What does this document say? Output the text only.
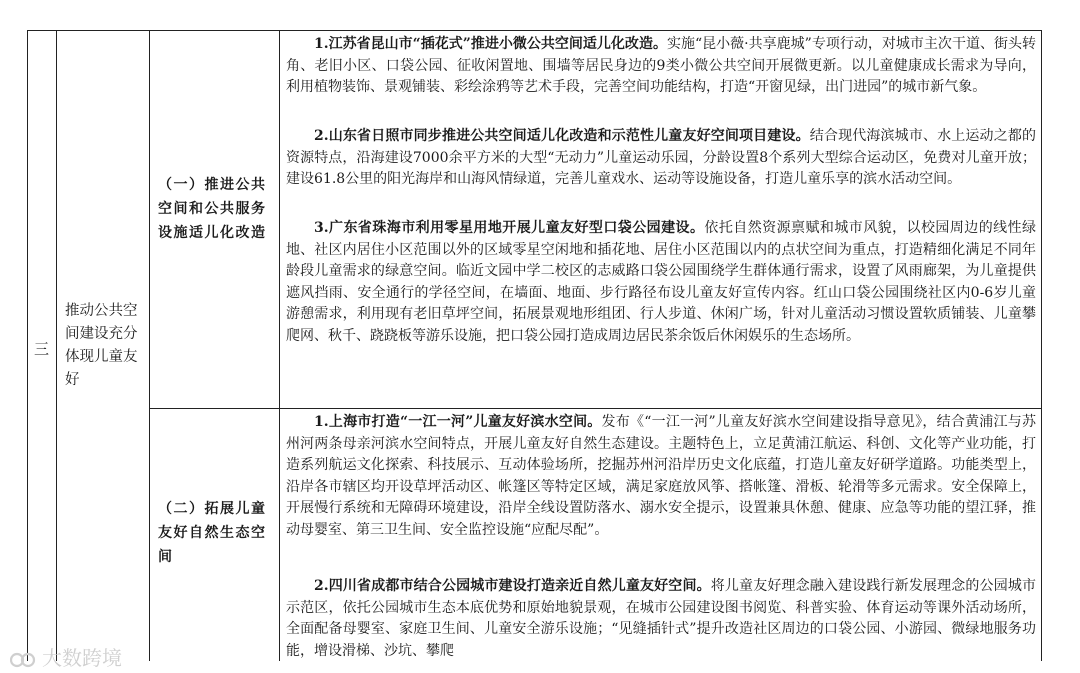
三
推动公共空间建设充分体现儿童友好
（一）推进公共空间和公共服务设施适儿化改造

1.江苏省昆山市“插花式”推进小微公共空间适儿化改造。实施“昆小薇·共享鹿城”专项行动，对城市主次干道、街头转角、老旧小区、口袋公园、征收闲置地、围墙等居民身边的9类小微公共空间开展微更新。以儿童健康成长需求为导向，利用植物装饰、景观铺装、彩绘涂鸦等艺术手段，完善空间功能结构，打造“开窗见绿，出门进园”的城市新气象。

2.山东省日照市同步推进公共空间适儿化改造和示范性儿童友好空间项目建设。结合现代海滨城市、水上运动之都的资源特点，沿海建设7000余平方米的大型“无动力”儿童运动乐园，分龄设置8个系列大型综合运动区，免费对儿童开放；建设61.8公里的阳光海岸和山海风情绿道，完善儿童戏水、运动等设施设备，打造儿童乐享的滨水活动空间。

3.广东省珠海市利用零星用地开展儿童友好型口袋公园建设。依托自然资源禀赋和城市风貌，以校园周边的线性绿地、社区内居住小区范围以外的区域零星空闲地和插花地、居住小区范围以内的点状空间为重点，打造精细化满足不同年龄段儿童需求的绿意空间。临近文园中学二校区的志威路口袋公园围绕学生群体通行需求，设置了风雨廊架，为儿童提供遮风挡雨、安全通行的学径空间，在墙面、地面、步行路径布设儿童友好宣传内容。红山口袋公园围绕社区内0-6岁儿童游憩需求，利用现有老旧草坪空间，拓展景观地形组团、行人步道、休闲广场，针对儿童活动习惯设置软质铺装、儿童攀爬网、秋千、跷跷板等游乐设施，把口袋公园打造成周边居民茶余饭后休闲娱乐的生态场所。

（二）拓展儿童友好自然生态空间

1.上海市打造“一江一河”儿童友好滨水空间。发布《“一江一河”儿童友好滨水空间建设指导意见》，结合黄浦江与苏州河两条母亲河滨水空间特点，开展儿童友好自然生态建设。主题特色上，立足黄浦江航运、科创、文化等产业功能，打造系列航运文化探索、科技展示、互动体验场所，挖掘苏州河沿岸历史文化底蕴，打造儿童友好研学道路。功能类型上，沿岸各市辖区均开设草坪活动区、帐篷区等特定区域，满足家庭放风筝、搭帐篷、滑板、轮滑等多元需求。安全保障上，开展慢行系统和无障碍环境建设，沿岸全线设置防落水、溺水安全提示，设置兼具休憩、健康、应急等功能的望江驿，推动母婴室、第三卫生间、安全监控设施“应配尽配”。

2.四川省成都市结合公园城市建设打造亲近自然儿童友好空间。将儿童友好理念融入建设践行新发展理念的公园城市示范区，依托公园城市生态本底优势和原始地貌景观，在城市公园建设图书阅览、科普实验、体育运动等课外活动场所，全面配备母婴室、家庭卫生间、儿童安全游乐设施；“见缝插针式”提升改造社区周边的口袋公园、小游园、微绿地服务功能，增设滑梯、沙坑、攀爬

大数跨境
